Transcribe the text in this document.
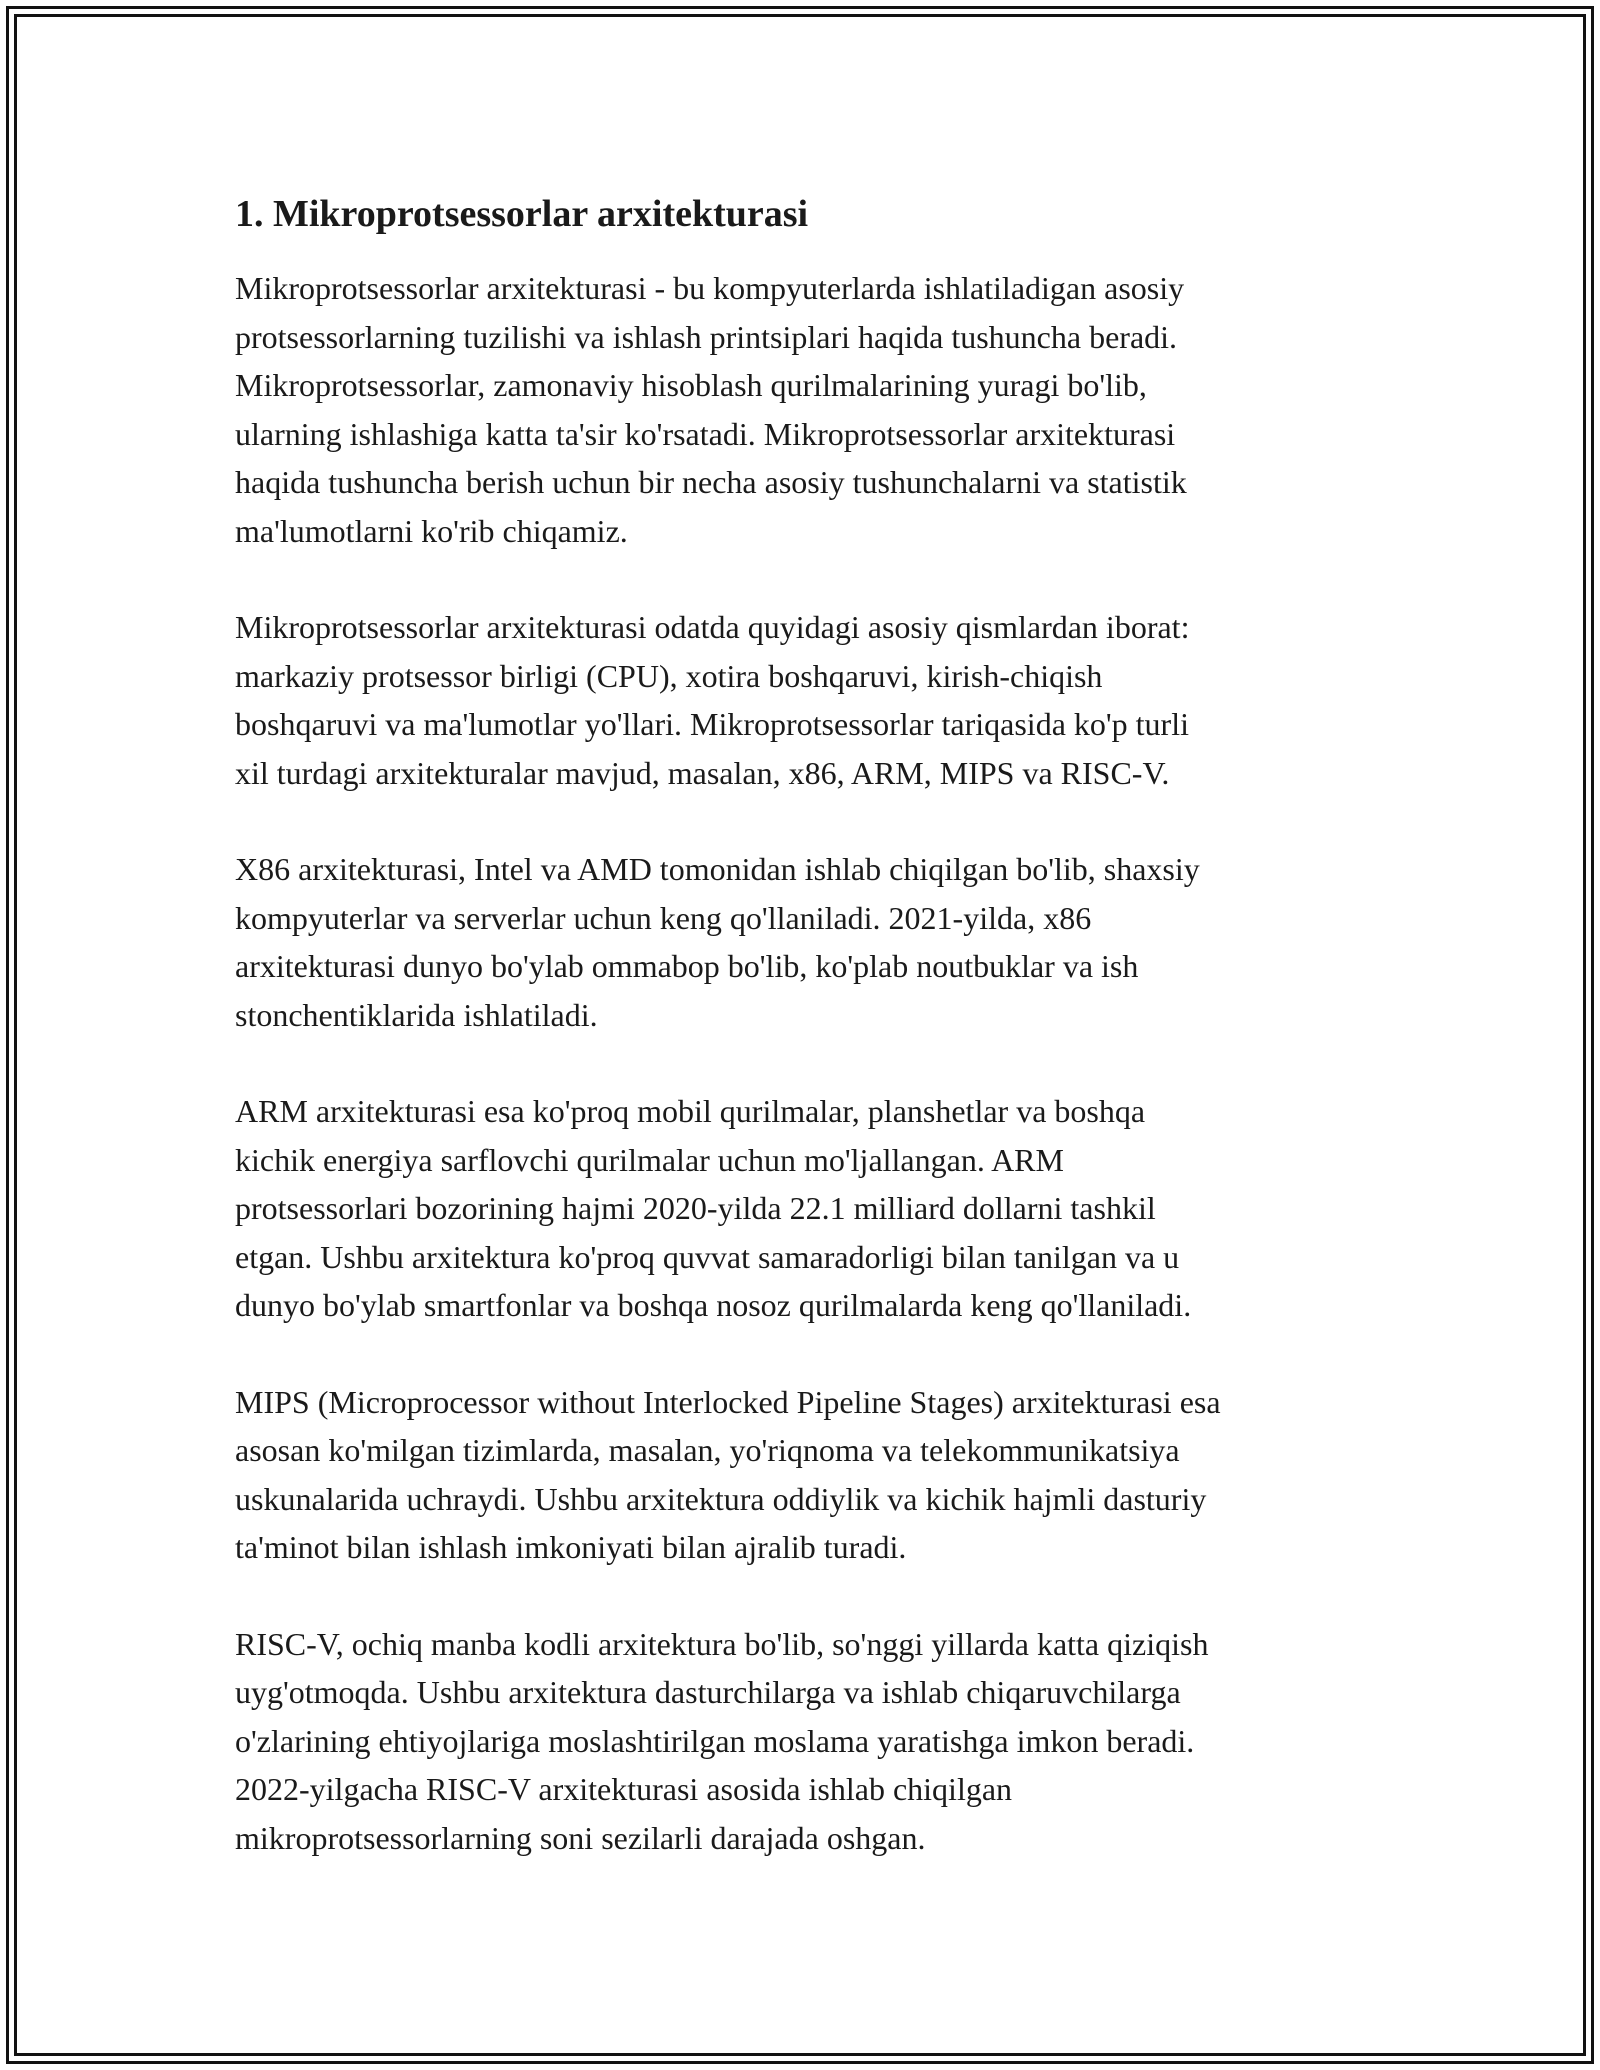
1. Mikroprotsessorlar arxitekturasi

Mikroprotsessorlar arxitekturasi - bu kompyuterlarda ishlatiladigan asosiy
protsessorlarning tuzilishi va ishlash printsiplari haqida tushuncha beradi.
Mikroprotsessorlar, zamonaviy hisoblash qurilmalarining yuragi bo'lib,
ularning ishlashiga katta ta'sir ko'rsatadi. Mikroprotsessorlar arxitekturasi
haqida tushuncha berish uchun bir necha asosiy tushunchalarni va statistik
ma'lumotlarni ko'rib chiqamiz.

Mikroprotsessorlar arxitekturasi odatda quyidagi asosiy qismlardan iborat:
markaziy protsessor birligi (CPU), xotira boshqaruvi, kirish-chiqish
boshqaruvi va ma'lumotlar yo'llari. Mikroprotsessorlar tariqasida ko'p turli
xil turdagi arxitekturalar mavjud, masalan, x86, ARM, MIPS va RISC-V.

X86 arxitekturasi, Intel va AMD tomonidan ishlab chiqilgan bo'lib, shaxsiy
kompyuterlar va serverlar uchun keng qo'llaniladi. 2021-yilda, x86
arxitekturasi dunyo bo'ylab ommabop bo'lib, ko'plab noutbuklar va ish
stonchentiklarida ishlatiladi.

ARM arxitekturasi esa ko'proq mobil qurilmalar, planshetlar va boshqa
kichik energiya sarflovchi qurilmalar uchun mo'ljallangan. ARM
protsessorlari bozorining hajmi 2020-yilda 22.1 milliard dollarni tashkil
etgan. Ushbu arxitektura ko'proq quvvat samaradorligi bilan tanilgan va u
dunyo bo'ylab smartfonlar va boshqa nosoz qurilmalarda keng qo'llaniladi.

MIPS (Microprocessor without Interlocked Pipeline Stages) arxitekturasi esa
asosan ko'milgan tizimlarda, masalan, yo'riqnoma va telekommunikatsiya
uskunalarida uchraydi. Ushbu arxitektura oddiylik va kichik hajmli dasturiy
ta'minot bilan ishlash imkoniyati bilan ajralib turadi.

RISC-V, ochiq manba kodli arxitektura bo'lib, so'nggi yillarda katta qiziqish
uyg'otmoqda. Ushbu arxitektura dasturchilarga va ishlab chiqaruvchilarga
o'zlarining ehtiyojlariga moslashtirilgan moslama yaratishga imkon beradi.
2022-yilgacha RISC-V arxitekturasi asosida ishlab chiqilgan
mikroprotsessorlarning soni sezilarli darajada oshgan.
